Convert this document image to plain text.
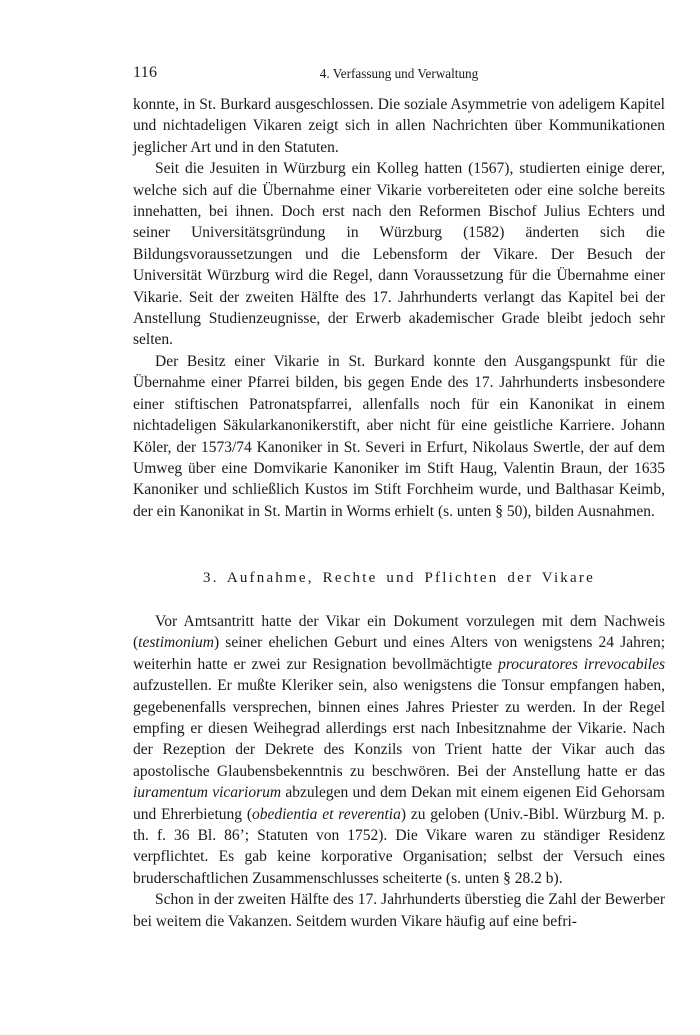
116	4. Verfassung und Verwaltung

konnte, in St. Burkard ausgeschlossen. Die soziale Asymmetrie von adeligem Kapitel und nichtadeligen Vikaren zeigt sich in allen Nachrichten über Kommunikationen jeglicher Art und in den Statuten.

Seit die Jesuiten in Würzburg ein Kolleg hatten (1567), studierten einige derer, welche sich auf die Übernahme einer Vikarie vorbereiteten oder eine solche bereits innehatten, bei ihnen. Doch erst nach den Reformen Bischof Julius Echters und seiner Universitätsgründung in Würzburg (1582) änderten sich die Bildungsvoraussetzungen und die Lebensform der Vikare. Der Besuch der Universität Würzburg wird die Regel, dann Voraussetzung für die Übernahme einer Vikarie. Seit der zweiten Hälfte des 17. Jahrhunderts verlangt das Kapitel bei der Anstellung Studienzeugnisse, der Erwerb akademischer Grade bleibt jedoch sehr selten.

Der Besitz einer Vikarie in St. Burkard konnte den Ausgangspunkt für die Übernahme einer Pfarrei bilden, bis gegen Ende des 17. Jahrhunderts insbesondere einer stiftischen Patronatspfarrei, allenfalls noch für ein Kanonikat in einem nichtadeligen Säkularkanonikerstift, aber nicht für eine geistliche Karriere. Johann Köler, der 1573/74 Kanoniker in St. Severi in Erfurt, Nikolaus Swertle, der auf dem Umweg über eine Domvikarie Kanoniker im Stift Haug, Valentin Braun, der 1635 Kanoniker und schließlich Kustos im Stift Forchheim wurde, und Balthasar Keimb, der ein Kanonikat in St. Martin in Worms erhielt (s. unten § 50), bilden Ausnahmen.

3. Aufnahme, Rechte und Pflichten der Vikare

Vor Amtsantritt hatte der Vikar ein Dokument vorzulegen mit dem Nachweis (testimonium) seiner ehelichen Geburt und eines Alters von wenigstens 24 Jahren; weiterhin hatte er zwei zur Resignation bevollmächtigte procuratores irrevocabiles aufzustellen. Er mußte Kleriker sein, also wenigstens die Tonsur empfangen haben, gegebenenfalls versprechen, binnen eines Jahres Priester zu werden. In der Regel empfing er diesen Weihegrad allerdings erst nach Inbesitznahme der Vikarie. Nach der Rezeption der Dekrete des Konzils von Trient hatte der Vikar auch das apostolische Glaubensbekenntnis zu beschwören. Bei der Anstellung hatte er das iuramentum vicariorum abzulegen und dem Dekan mit einem eigenen Eid Gehorsam und Ehrerbietung (obedientia et reverentia) zu geloben (Univ.-Bibl. Würzburg M. p. th. f. 36 Bl. 86’; Statuten von 1752). Die Vikare waren zu ständiger Residenz verpflichtet. Es gab keine korporative Organisation; selbst der Versuch eines bruderschaftlichen Zusammenschlusses scheiterte (s. unten § 28.2 b).

Schon in der zweiten Hälfte des 17. Jahrhunderts überstieg die Zahl der Bewerber bei weitem die Vakanzen. Seitdem wurden Vikare häufig auf eine befri-
